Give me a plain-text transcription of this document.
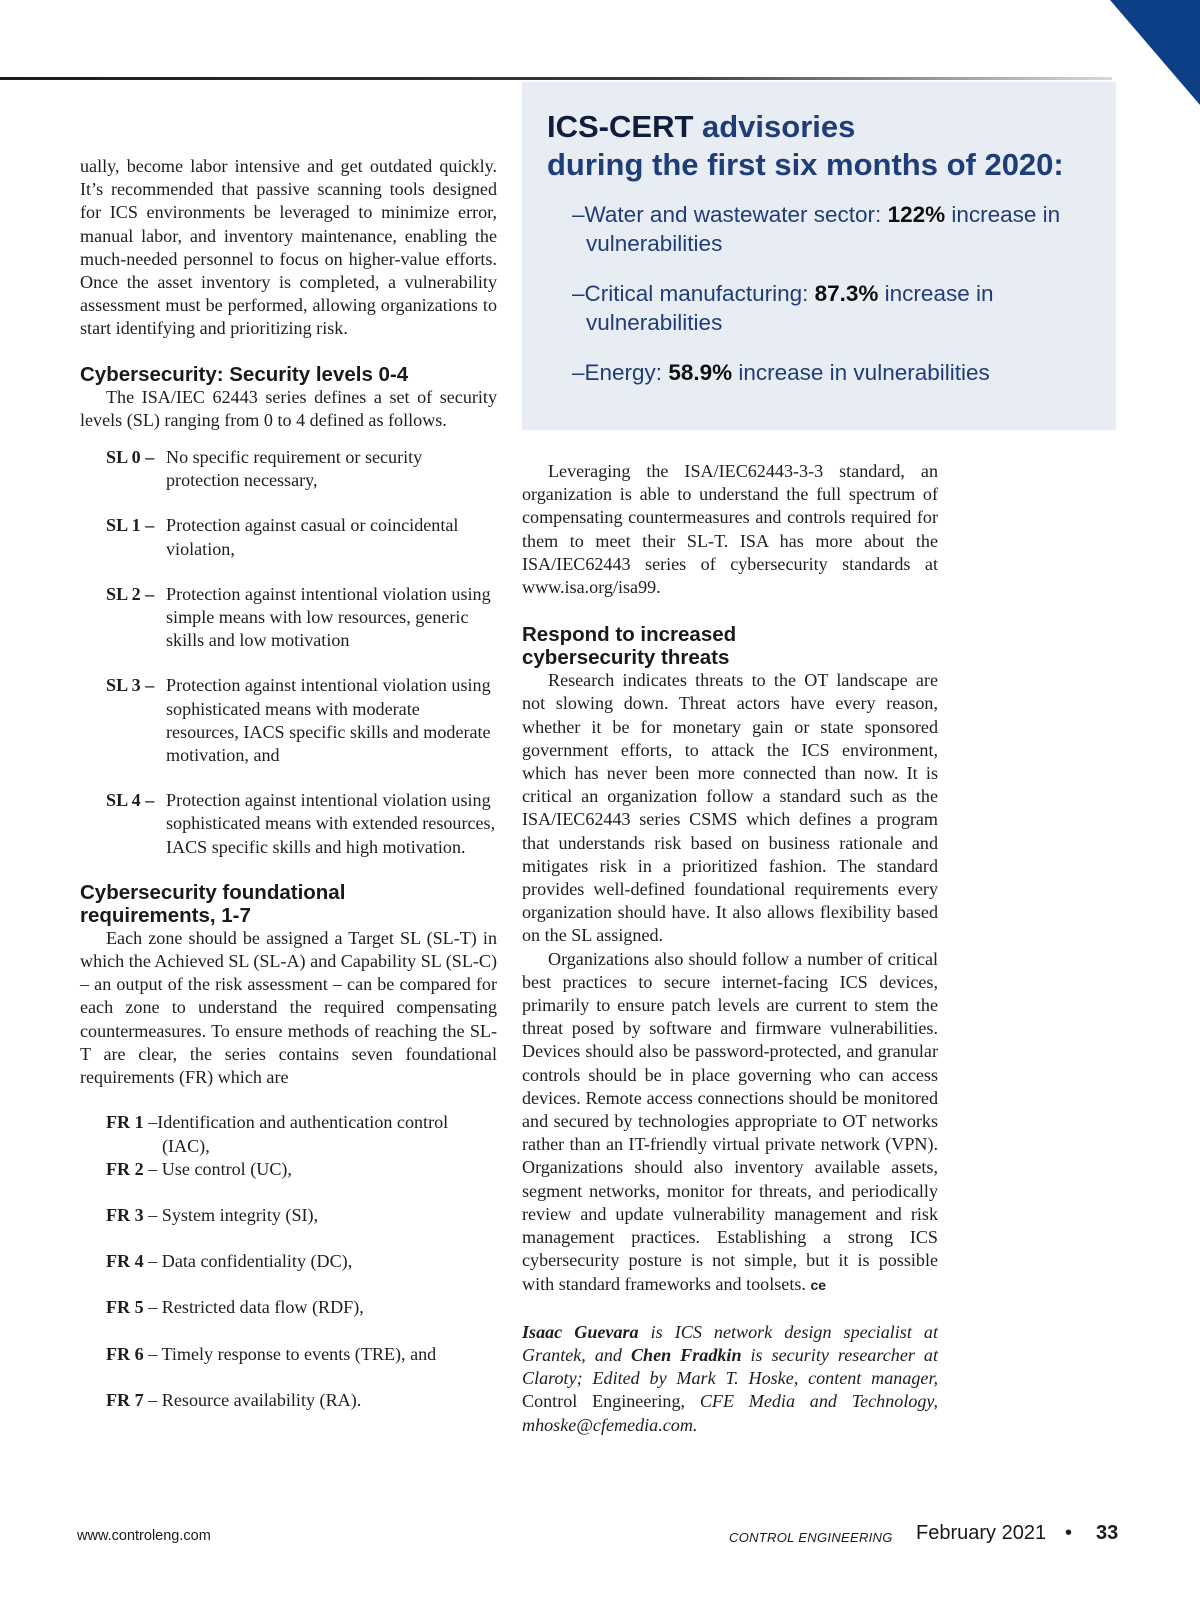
ually, become labor intensive and get outdated quickly. It’s recommended that passive scanning tools designed for ICS environments be leveraged to minimize error, manual labor, and inventory maintenance, enabling the much-needed personnel to focus on higher-value efforts. Once the asset inventory is completed, a vulnerability assessment must be performed, allowing organizations to start identifying and prioritizing risk.

Cybersecurity: Security levels 0-4

The ISA/IEC 62443 series defines a set of security levels (SL) ranging from 0 to 4 defined as follows.

SL 0 – No specific requirement or security protection necessary,
SL 1 – Protection against casual or coincidental violation,
SL 2 – Protection against intentional violation using simple means with low resources, generic skills and low motivation
SL 3 – Protection against intentional violation using sophisticated means with moderate resources, IACS specific skills and moderate motivation, and
SL 4 – Protection against intentional violation using sophisticated means with extended resources, IACS specific skills and high motivation.
Cybersecurity foundational
requirements, 1-7

Each zone should be assigned a Target SL (SL-T) in which the Achieved SL (SL-A) and Capability SL (SL-C) – an output of the risk assessment – can be compared for each zone to understand the required compensating countermeasures. To ensure methods of reaching the SL-T are clear, the series contains seven foundational requirements (FR) which are

FR 1 –Identification and authentication control (IAC),
FR 2 – Use control (UC),
FR 3 – System integrity (SI),
FR 4 – Data confidentiality (DC),
FR 5 – Restricted data flow (RDF),
FR 6 – Timely response to events (TRE), and
FR 7 – Resource availability (RA).
ICS-CERT advisories
during the first six months of 2020:
–Water and wastewater sector: 122% increase in vulnerabilities
–Critical manufacturing: 87.3% increase in vulnerabilities
–Energy: 58.9% increase in vulnerabilities

Leveraging the ISA/IEC62443-3-3 standard, an organization is able to understand the full spectrum of compensating countermeasures and controls required for them to meet their SL-T. ISA has more about the ISA/IEC62443 series of cybersecurity standards at www.isa.org/isa99.

Respond to increased
cybersecurity threats

Research indicates threats to the OT landscape are not slowing down. Threat actors have every reason, whether it be for monetary gain or state sponsored government efforts, to attack the ICS environment, which has never been more connected than now. It is critical an organization follow a standard such as the ISA/IEC62443 series CSMS which defines a program that understands risk based on business rationale and mitigates risk in a prioritized fashion. The standard provides well-defined foundational requirements every organization should have. It also allows flexibility based on the SL assigned.

Organizations also should follow a number of critical best practices to secure internet-facing ICS devices, primarily to ensure patch levels are current to stem the threat posed by software and firmware vulnerabilities. Devices should also be password-protected, and granular controls should be in place governing who can access devices. Remote access connections should be monitored and secured by technologies appropriate to OT networks rather than an IT-friendly virtual private network (VPN). Organizations should also inventory available assets, segment networks, monitor for threats, and periodically review and update vulnerability management and risk management practices. Establishing a strong ICS cybersecurity posture is not simple, but it is possible with standard frameworks and toolsets. ce

Isaac Guevara is ICS network design specialist at Grantek, and Chen Fradkin is security researcher at Claroty; Edited by Mark T. Hoske, content manager, Control Engineering, CFE Media and Technology, mhoske@cfemedia.com.

www.controleng.com	CONTROL ENGINEERING February 2021 • 33
